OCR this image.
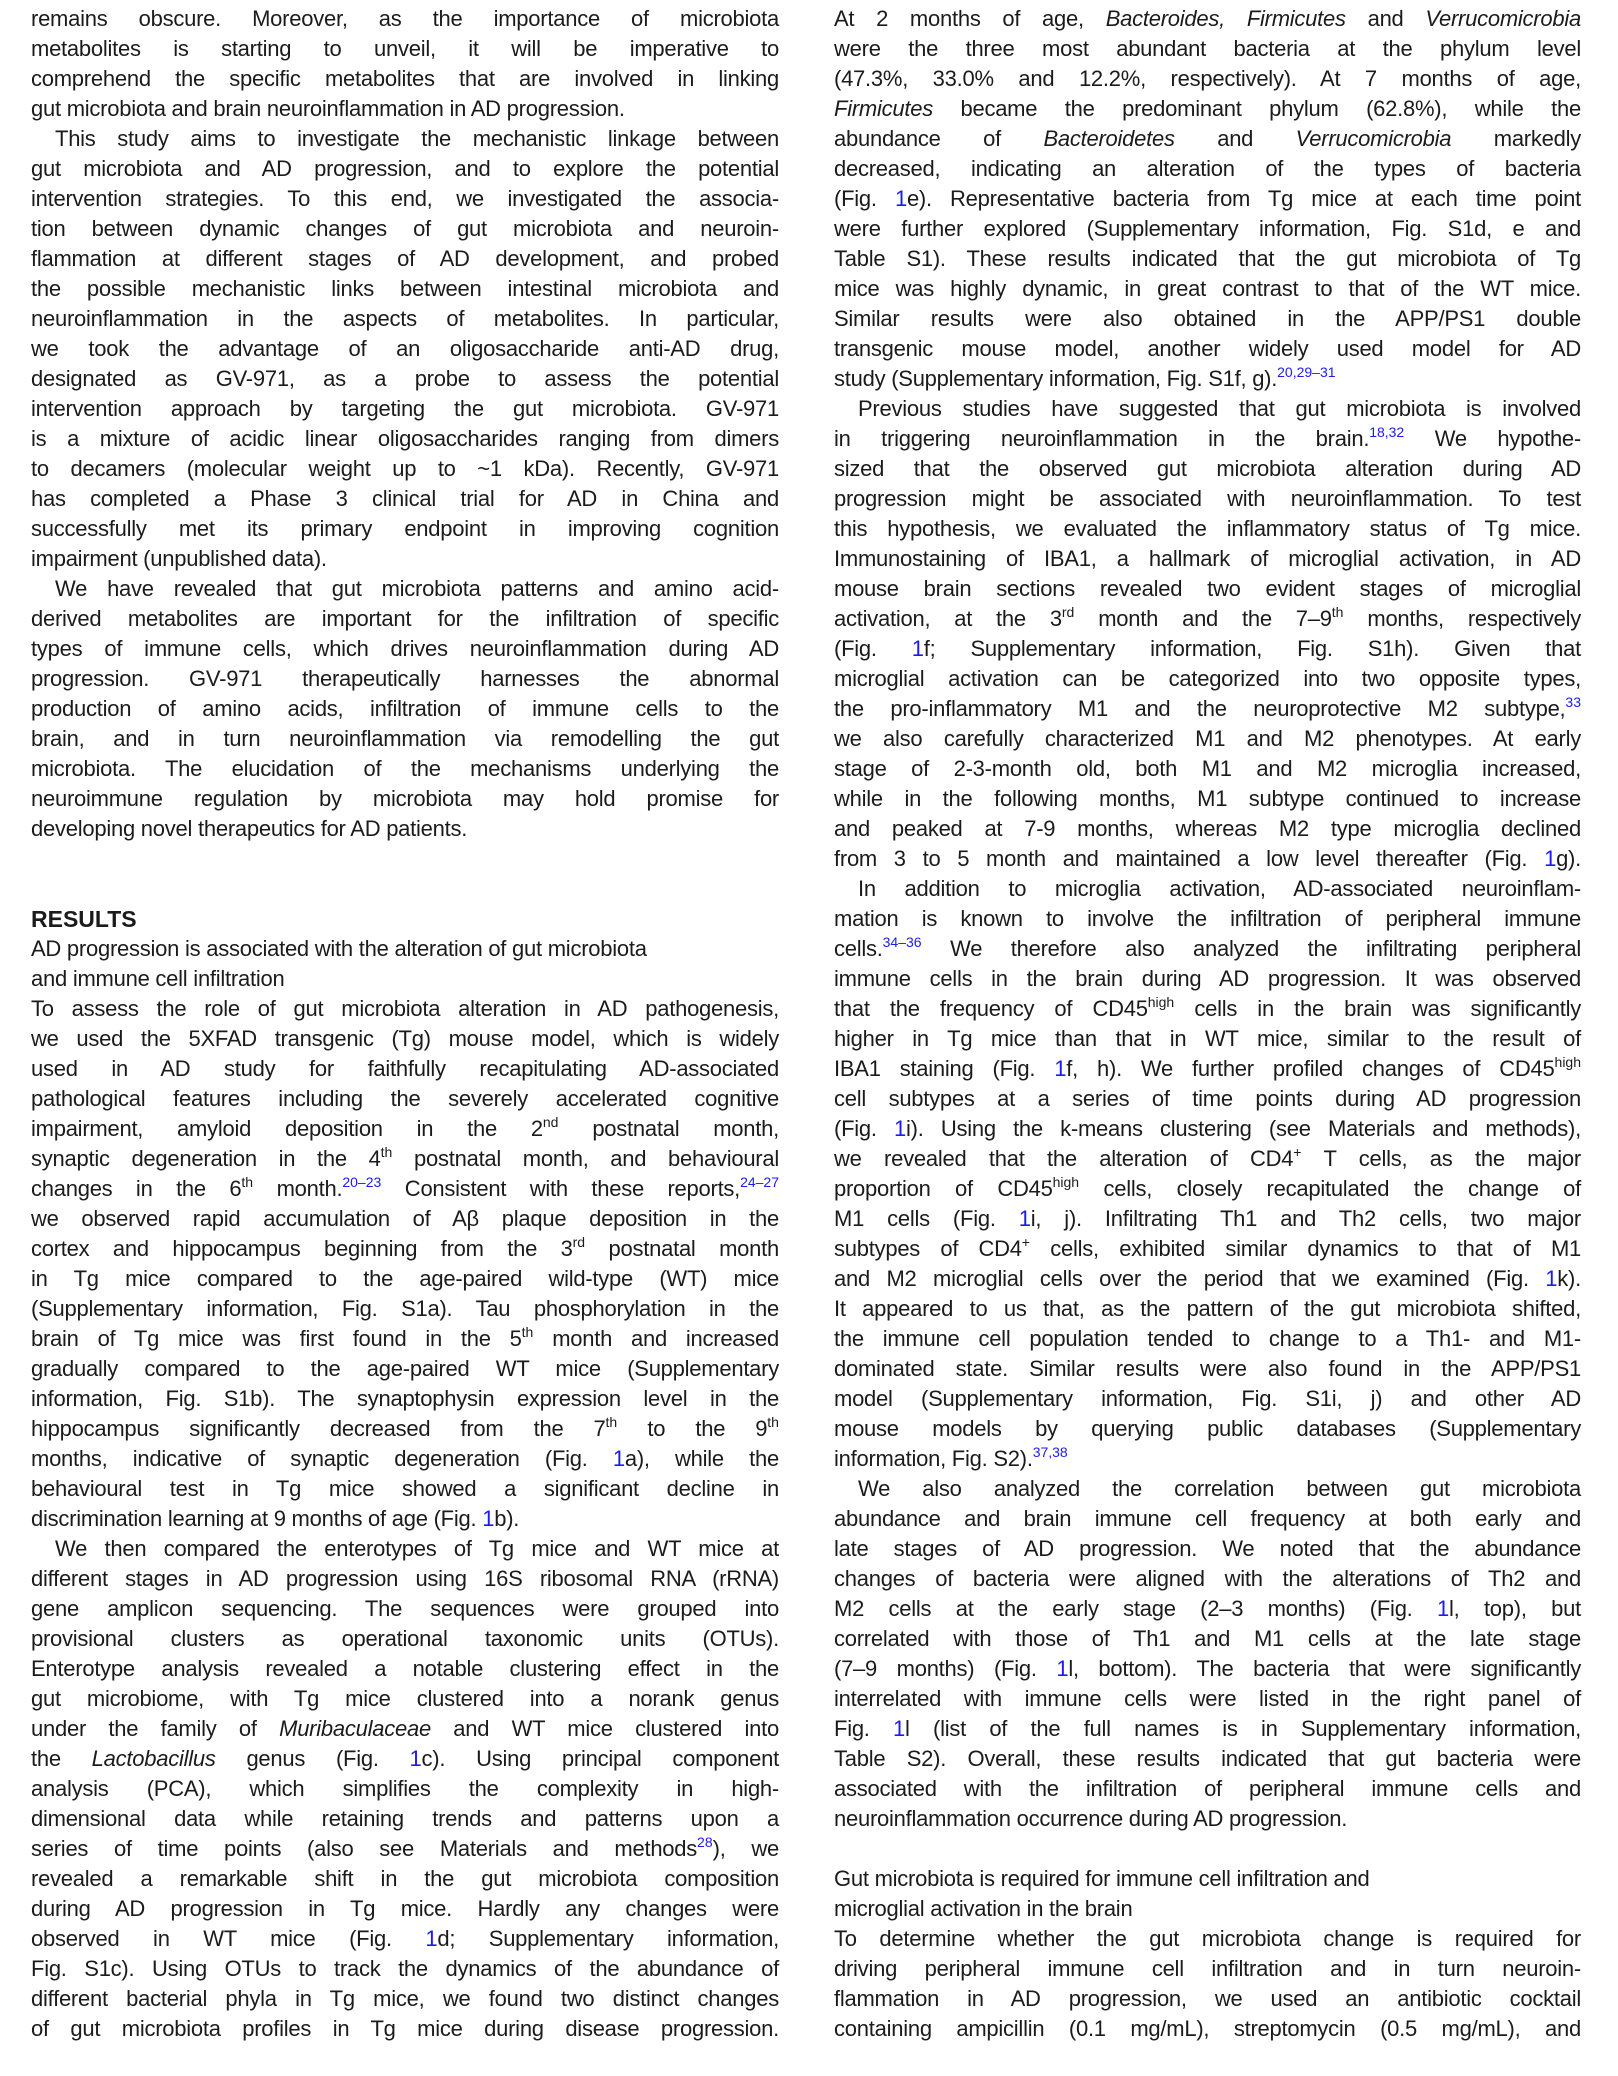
remains obscure. Moreover, as the importance of microbiota
metabolites is starting to unveil, it will be imperative to
comprehend the specific metabolites that are involved in linking
gut microbiota and brain neuroinflammation in AD progression.
This study aims to investigate the mechanistic linkage between
gut microbiota and AD progression, and to explore the potential
intervention strategies. To this end, we investigated the associa-
tion between dynamic changes of gut microbiota and neuroin-
flammation at different stages of AD development, and probed
the possible mechanistic links between intestinal microbiota and
neuroinflammation in the aspects of metabolites. In particular,
we took the advantage of an oligosaccharide anti-AD drug,
designated as GV-971, as a probe to assess the potential
intervention approach by targeting the gut microbiota. GV-971
is a mixture of acidic linear oligosaccharides ranging from dimers
to decamers (molecular weight up to ~1 kDa). Recently, GV-971
has completed a Phase 3 clinical trial for AD in China and
successfully met its primary endpoint in improving cognition
impairment (unpublished data).
We have revealed that gut microbiota patterns and amino acid-
derived metabolites are important for the infiltration of specific
types of immune cells, which drives neuroinflammation during AD
progression. GV-971 therapeutically harnesses the abnormal
production of amino acids, infiltration of immune cells to the
brain, and in turn neuroinflammation via remodelling the gut
microbiota. The elucidation of the mechanisms underlying the
neuroimmune regulation by microbiota may hold promise for
developing novel therapeutics for AD patients.
RESULTS
AD progression is associated with the alteration of gut microbiota
and immune cell infiltration
To assess the role of gut microbiota alteration in AD pathogenesis,
we used the 5XFAD transgenic (Tg) mouse model, which is widely
used in AD study for faithfully recapitulating AD-associated
pathological features including the severely accelerated cognitive
impairment, amyloid deposition in the 2nd postnatal month,
synaptic degeneration in the 4th postnatal month, and behavioural
changes in the 6th month.$^{20-23}$ Consistent with these reports,$^{24-27}$
we observed rapid accumulation of Aβ plaque deposition in the
cortex and hippocampus beginning from the 3rd postnatal month
in Tg mice compared to the age-paired wild-type (WT) mice
(Supplementary information, Fig. S1a). Tau phosphorylation in the
brain of Tg mice was first found in the 5th month and increased
gradually compared to the age-paired WT mice (Supplementary
information, Fig. S1b). The synaptophysin expression level in the
hippocampus significantly decreased from the 7th to the 9th
months, indicative of synaptic degeneration (Fig. 1a), while the
behavioural test in Tg mice showed a significant decline in
discrimination learning at 9 months of age (Fig. 1b).
We then compared the enterotypes of Tg mice and WT mice at
different stages in AD progression using 16S ribosomal RNA (rRNA)
gene amplicon sequencing. The sequences were grouped into
provisional clusters as operational taxonomic units (OTUs).
Enterotype analysis revealed a notable clustering effect in the
gut microbiome, with Tg mice clustered into a norank genus
under the family of Muribaculaceae and WT mice clustered into
the Lactobacillus genus (Fig. 1c). Using principal component
analysis (PCA), which simplifies the complexity in high-
dimensional data while retaining trends and patterns upon a
series of time points (also see Materials and methods$^{28}$), we
revealed a remarkable shift in the gut microbiota composition
during AD progression in Tg mice. Hardly any changes were
observed in WT mice (Fig. 1d; Supplementary information,
Fig. S1c). Using OTUs to track the dynamics of the abundance of
different bacterial phyla in Tg mice, we found two distinct changes
of gut microbiota profiles in Tg mice during disease progression.
At 2 months of age, Bacteroides, Firmicutes and Verrucomicrobia
were the three most abundant bacteria at the phylum level
(47.3%, 33.0% and 12.2%, respectively). At 7 months of age,
Firmicutes became the predominant phylum (62.8%), while the
abundance of Bacteroidetes and Verrucomicrobia markedly
decreased, indicating an alteration of the types of bacteria
(Fig. 1e). Representative bacteria from Tg mice at each time point
were further explored (Supplementary information, Fig. S1d, e and
Table S1). These results indicated that the gut microbiota of Tg
mice was highly dynamic, in great contrast to that of the WT mice.
Similar results were also obtained in the APP/PS1 double
transgenic mouse model, another widely used model for AD
study (Supplementary information, Fig. S1f, g).$^{20,29-31}$
Previous studies have suggested that gut microbiota is involved
in triggering neuroinflammation in the brain.$^{18,32}$ We hypothe-
sized that the observed gut microbiota alteration during AD
progression might be associated with neuroinflammation. To test
this hypothesis, we evaluated the inflammatory status of Tg mice.
Immunostaining of IBA1, a hallmark of microglial activation, in AD
mouse brain sections revealed two evident stages of microglial
activation, at the 3rd month and the 7–9th months, respectively
(Fig. 1f; Supplementary information, Fig. S1h). Given that
microglial activation can be categorized into two opposite types,
the pro-inflammatory M1 and the neuroprotective M2 subtype,$^{33}$
we also carefully characterized M1 and M2 phenotypes. At early
stage of 2-3-month old, both M1 and M2 microglia increased,
while in the following months, M1 subtype continued to increase
and peaked at 7-9 months, whereas M2 type microglia declined
from 3 to 5 month and maintained a low level thereafter (Fig. 1g).
In addition to microglia activation, AD-associated neuroinflam-
mation is known to involve the infiltration of peripheral immune
cells.$^{34-36}$ We therefore also analyzed the infiltrating peripheral
immune cells in the brain during AD progression. It was observed
that the frequency of $CD45^{high}$ cells in the brain was significantly
higher in Tg mice than that in WT mice, similar to the result of
IBA1 staining (Fig. 1f, h). We further profiled changes of $CD45^{high}$
cell subtypes at a series of time points during AD progression
(Fig. 1i). Using the k-means clustering (see Materials and methods),
we revealed that the alteration of CD4+ T cells, as the major
proportion of $CD45^{high}$ cells, closely recapitulated the change of
M1 cells (Fig. 1i, j). Infiltrating Th1 and Th2 cells, two major
subtypes of CD4+ cells, exhibited similar dynamics to that of M1
and M2 microglial cells over the period that we examined (Fig. 1k).
It appeared to us that, as the pattern of the gut microbiota shifted,
the immune cell population tended to change to a Th1- and M1-
dominated state. Similar results were also found in the APP/PS1
model (Supplementary information, Fig. S1i, j) and other AD
mouse models by querying public databases (Supplementary
information, Fig. S2).$^{37,38}$
We also analyzed the correlation between gut microbiota
abundance and brain immune cell frequency at both early and
late stages of AD progression. We noted that the abundance
changes of bacteria were aligned with the alterations of Th2 and
M2 cells at the early stage (2–3 months) (Fig. 1l, top), but
correlated with those of Th1 and M1 cells at the late stage
(7–9 months) (Fig. 1l, bottom). The bacteria that were significantly
interrelated with immune cells were listed in the right panel of
Fig. 1l (list of the full names is in Supplementary information,
Table S2). Overall, these results indicated that gut bacteria were
associated with the infiltration of peripheral immune cells and
neuroinflammation occurrence during AD progression.
Gut microbiota is required for immune cell infiltration and
microglial activation in the brain
To determine whether the gut microbiota change is required for
driving peripheral immune cell infiltration and in turn neuroin-
flammation in AD progression, we used an antibiotic cocktail
containing ampicillin (0.1 mg/mL), streptomycin (0.5 mg/mL), and
